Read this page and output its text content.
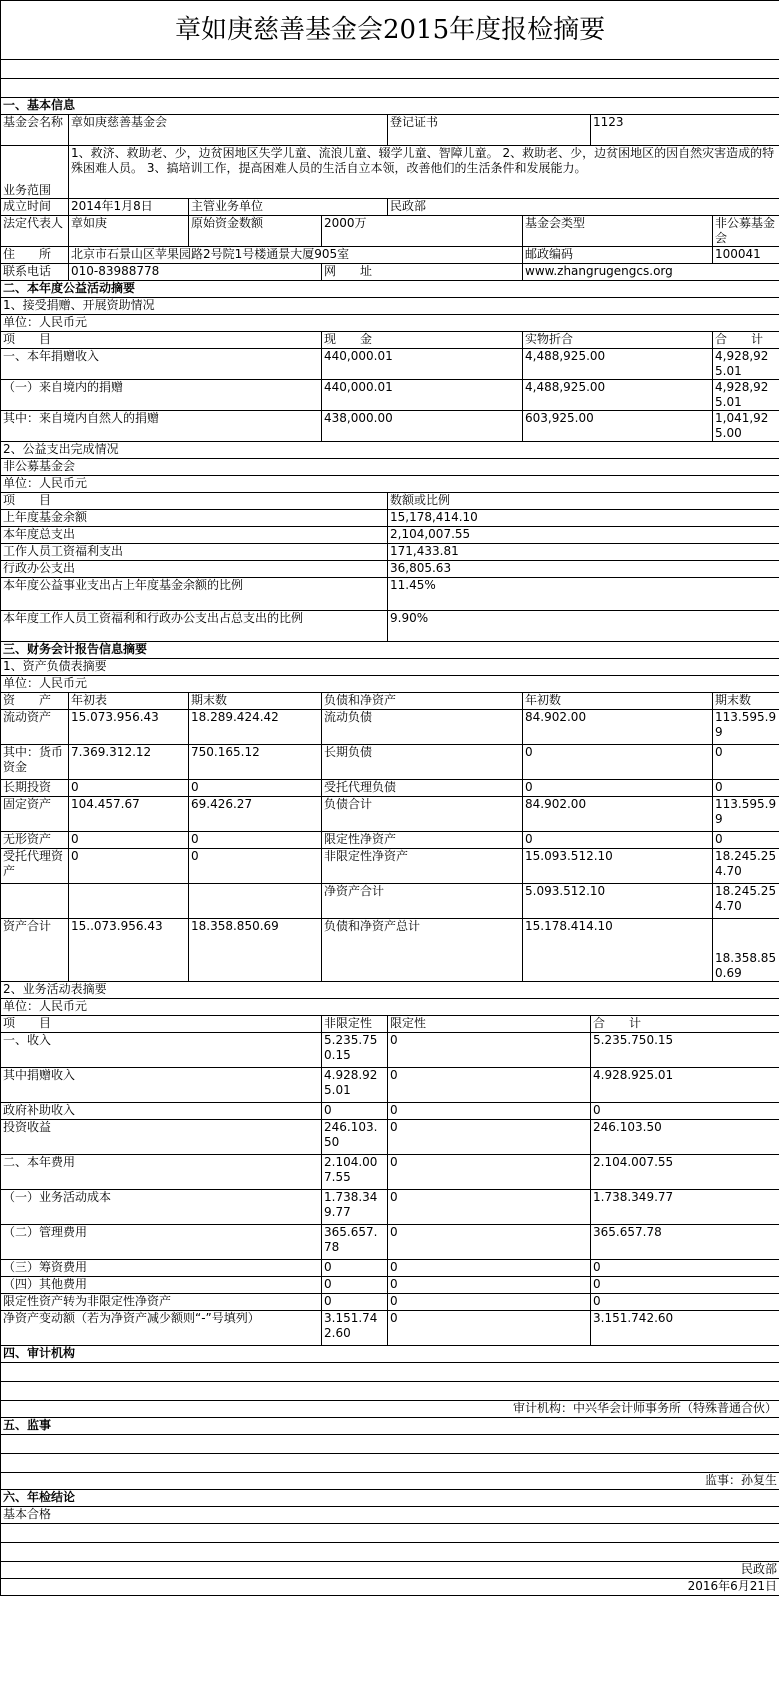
章如庚慈善基金会2015年度报检摘要							

一、基本信息							
基金会名称	章如庚慈善基金会			登记证书		1123	
业务范围	1、救济、救助老、少，边贫困地区失学儿童、流浪儿童、辍学儿童、智障儿童。 2、救助老、少，边贫困地区的因自然灾害造成的特殊困难人员。 3、搞培训工作，提高困难人员的生活自立本领，改善他们的生活条件和发展能力。						
成立时间	2014年1月8日	主管业务单位		民政部			
法定代表人	章如庚	原始资金数额	2000万		基金会类型		非公募基金会
住　　所	北京市石景山区苹果园路2号院1号楼通景大厦905室				邮政编码		100041
联系电话	010-83988778		网　　址		www.zhangrugengcs.org		
二、本年度公益活动摘要							
1、接受捐赠、开展资助情况							
单位：人民币元							
项　　目			现　　金		实物折合		合　　计
一、本年捐赠收入			440,000.01		4,488,925.00		4,928,925.01
（一）来自境内的捐赠			440,000.01		4,488,925.00		4,928,925.01
其中：来自境内自然人的捐赠			438,000.00		603,925.00		1,041,925.00
2、公益支出完成情况							
非公募基金会							
单位：人民币元							
项　　目				数额或比例			
上年度基金余额				15,178,414.10			
本年度总支出				2,104,007.55			
工作人员工资福利支出				171,433.81			
行政办公支出				36,805.63			
本年度公益事业支出占上年度基金余额的比例				11.45%			
本年度工作人员工资福利和行政办公支出占总支出的比例				9.90%			
三、财务会计报告信息摘要							
1、资产负债表摘要							
单位：人民币元							
资　　产	年初表	期末数	负债和净资产		年初数		期末数
流动资产	15.073.956.43	18.289.424.42	流动负债		84.902.00		113.595.99
其中：货币资金	7.369.312.12	750.165.12	长期负债		0		0
长期投资	0	0	受托代理负债		0		0
固定资产	104.457.67	69.426.27	负债合计		84.902.00		113.595.99
无形资产	0	0	限定性净资产		0		0
受托代理资产	0	0	非限定性净资产		15.093.512.10		18.245.254.70
			净资产合计		5.093.512.10		18.245.254.70
资产合计	15..073.956.43	18.358.850.69	负债和净资产总计		15.178.414.10		18.358.850.69
2、业务活动表摘要							
单位：人民币元							
项　　目			非限定性	限定性		合　　计	
一、收入			5.235.750.15	0		5.235.750.15	
其中捐赠收入			4.928.925.01	0		4.928.925.01	
政府补助收入			0	0		0	
投资收益			246.103.50	0		246.103.50	
二、本年费用			2.104.007.55	0		2.104.007.55	
（一）业务活动成本			1.738.349.77	0		1.738.349.77	
（二）管理费用			365.657.78	0		365.657.78	
（三）筹资费用			0	0		0	
（四）其他费用			0	0		0	
限定性资产转为非限定性净资产			0	0		0	
净资产变动额（若为净资产减少额则“-”号填列）			3.151.742.60	0		3.151.742.60	
四、审计机构							

审计机构：中兴华会计师事务所（特殊普通合伙）							
五、监事							

监事：孙复生							
六、年检结论							
基本合格							

民政部							
2016年6月21日							
